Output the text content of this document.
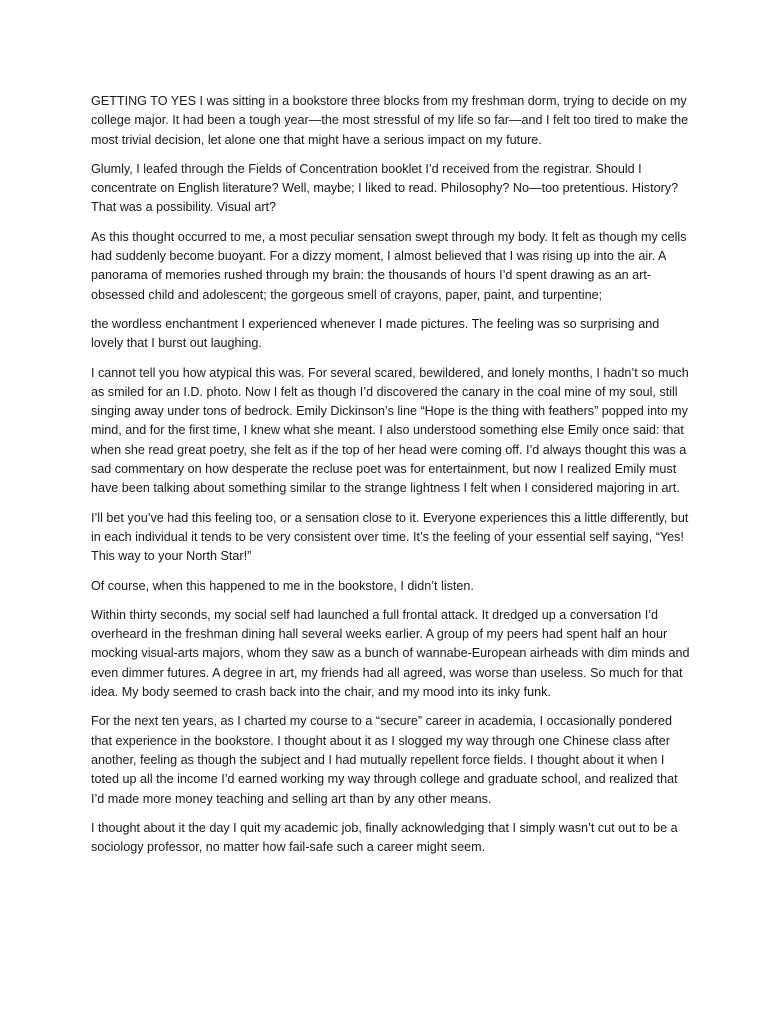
GETTING TO YES I was sitting in a bookstore three blocks from my freshman dorm, trying to decide on my college major. It had been a tough year—the most stressful of my life so far—and I felt too tired to make the most trivial decision, let alone one that might have a serious impact on my future.

Glumly, I leafed through the Fields of Concentration booklet I’d received from the registrar. Should I concentrate on English literature? Well, maybe; I liked to read. Philosophy? No—too pretentious. History? That was a possibility. Visual art?

As this thought occurred to me, a most peculiar sensation swept through my body. It felt as though my cells had suddenly become buoyant. For a dizzy moment, I almost believed that I was rising up into the air. A panorama of memories rushed through my brain: the thousands of hours I’d spent drawing as an art-obsessed child and adolescent; the gorgeous smell of crayons, paper, paint, and turpentine;

the wordless enchantment I experienced whenever I made pictures. The feeling was so surprising and lovely that I burst out laughing.

I cannot tell you how atypical this was. For several scared, bewildered, and lonely months, I hadn’t so much as smiled for an I.D. photo. Now I felt as though I’d discovered the canary in the coal mine of my soul, still singing away under tons of bedrock. Emily Dickinson’s line “Hope is the thing with feathers” popped into my mind, and for the first time, I knew what she meant. I also understood something else Emily once said: that when she read great poetry, she felt as if the top of her head were coming off. I’d always thought this was a sad commentary on how desperate the recluse poet was for entertainment, but now I realized Emily must have been talking about something similar to the strange lightness I felt when I considered majoring in art.

I’ll bet you’ve had this feeling too, or a sensation close to it. Everyone experiences this a little differently, but in each individual it tends to be very consistent over time. It’s the feeling of your essential self saying, “Yes! This way to your North Star!”

Of course, when this happened to me in the bookstore, I didn’t listen.

Within thirty seconds, my social self had launched a full frontal attack. It dredged up a conversation I’d overheard in the freshman dining hall several weeks earlier. A group of my peers had spent half an hour mocking visual-arts majors, whom they saw as a bunch of wannabe-European airheads with dim minds and even dimmer futures. A degree in art, my friends had all agreed, was worse than useless. So much for that idea. My body seemed to crash back into the chair, and my mood into its inky funk.

For the next ten years, as I charted my course to a “secure” career in academia, I occasionally pondered that experience in the bookstore. I thought about it as I slogged my way through one Chinese class after another, feeling as though the subject and I had mutually repellent force fields. I thought about it when I toted up all the income I’d earned working my way through college and graduate school, and realized that I’d made more money teaching and selling art than by any other means.

I thought about it the day I quit my academic job, finally acknowledging that I simply wasn’t cut out to be a sociology professor, no matter how fail-safe such a career might seem.
